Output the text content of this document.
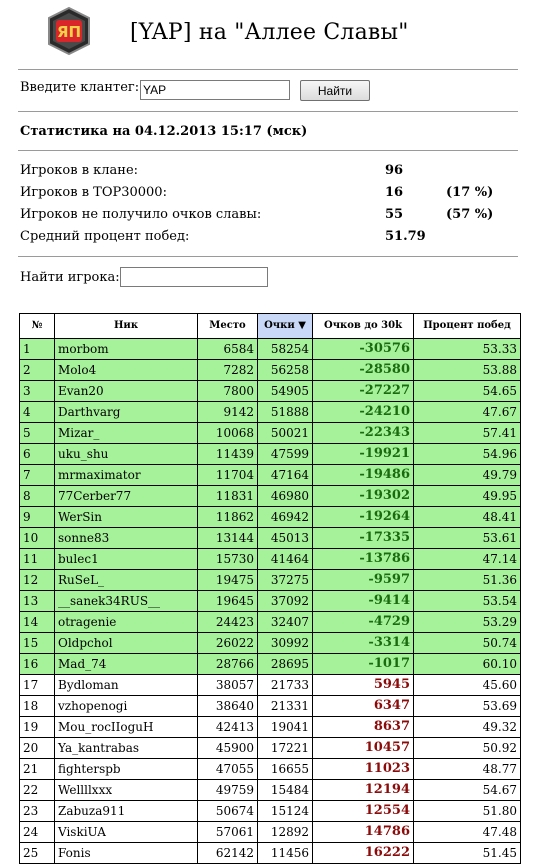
ЯП [YAP] на "Аллее Славы"
Введите клантег:
YAP	Найти
Статистика на 04.12.2013 15:17 (мск)
Игроков в клане:	96
Игроков в TOP30000:	16	(17 %)
Игроков не получило очков славы:	55	(57 %)
Средний процент побед:	51.79
Найти игрока:
№	Ник	Место	Очки ▼	Очков до 30k	Процент побед
1	morbom	6584	58254	-30576	53.33
2	Molo4	7282	56258	-28580	53.88
3	Evan20	7800	54905	-27227	54.65
4	Darthvarg	9142	51888	-24210	47.67
5	Mizar_	10068	50021	-22343	57.41
6	uku_shu	11439	47599	-19921	54.96
7	mrmaximator	11704	47164	-19486	49.79
8	77Cerber77	11831	46980	-19302	49.95
9	WerSin	11862	46942	-19264	48.41
10	sonne83	13144	45013	-17335	53.61
11	bulec1	15730	41464	-13786	47.14
12	RuSeL_	19475	37275	-9597	51.36
13	__sanek34RUS__	19645	37092	-9414	53.54
14	otragenie	24423	32407	-4729	53.29
15	Oldpchol	26022	30992	-3314	50.74
16	Mad_74	28766	28695	-1017	60.10
17	Bydloman	38057	21733	5945	45.60
18	vzhopenogi	38640	21331	6347	53.69
19	Mou_rocIIoguH	42413	19041	8637	49.32
20	Ya_kantrabas	45900	17221	10457	50.92
21	fighterspb	47055	16655	11023	48.77
22	Wellllxxx	49759	15484	12194	54.67
23	Zabuza911	50674	15124	12554	51.80
24	ViskiUA	57061	12892	14786	47.48
25	Fonis	62142	11456	16222	51.45
